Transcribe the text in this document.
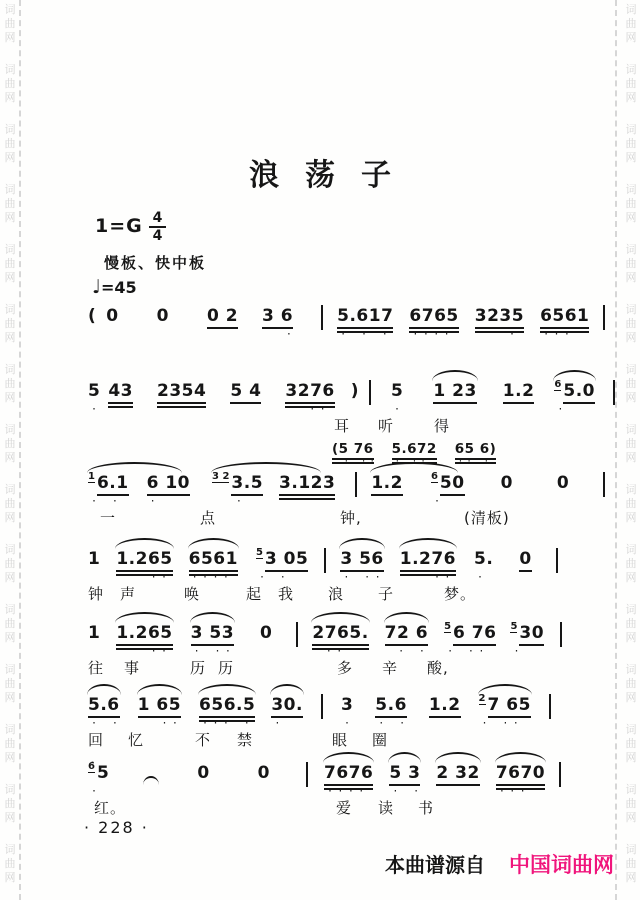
词
曲
网
词
曲
网
词
曲
网
词
曲
网
词
曲
网
词
曲
网
词
曲
网
词
曲
网
词
曲
网
词
曲
网
词
曲
网
词
曲
网
词
曲
网
词
曲
网
词
曲
网
词
曲
网
词
曲
网
词
曲
网
词
曲
网
词
曲
网
词
曲
网
词
曲
网
词
曲
网
词
曲
网
词
曲
网
词
曲
网
词
曲
网
词
曲
网
词
曲
网
词
曲
网
浪荡子
$1=G \frac{4}{4}$
慢板、快中板
♩=45
( 0 0 0 2 3 6
·
5.617
· · ·
6765
····
3235
·
6561
···
5
·
43 2354 5 4 3276
··
) 5
·
1 23 1.2 $^6$ 5.0
·
耳 听	得
(5 76
· ··
5.672
· ··
65 6)
·· ·
$^1$ 6.1
· ·
6 10
·
$^{3 2}$ 3.5
·
3.123 1.2	$^6$ 50
·
0	0
一	点	钟,	(清板)
1 1.265
··
6561
····
$^5$ 3 05
· ·
3 56
· ··
1.276
··
5.
·
0
钟 声	唤	起 我 浪 子	梦。
1 1.265
··
3 53
· ··
0 2765.
··
72 6
· ·
$^5$ 6 76
· ··
$^5$ 30
·
往 事	历 历	多 辛 酸,
5.6
· ·
1 65
··
656.5
··· ·
30.
·
3
·
5.6
· ·
1.2 $^2$ 7 65
· ··
回 忆	不 禁	眼 圈
$^{6̇}$ 5
·
0	0	7676
····
5 3
· ·
2 32 7670
···
红。	爱 读 书
· 228 ·
本曲谱源自 中国词曲网
